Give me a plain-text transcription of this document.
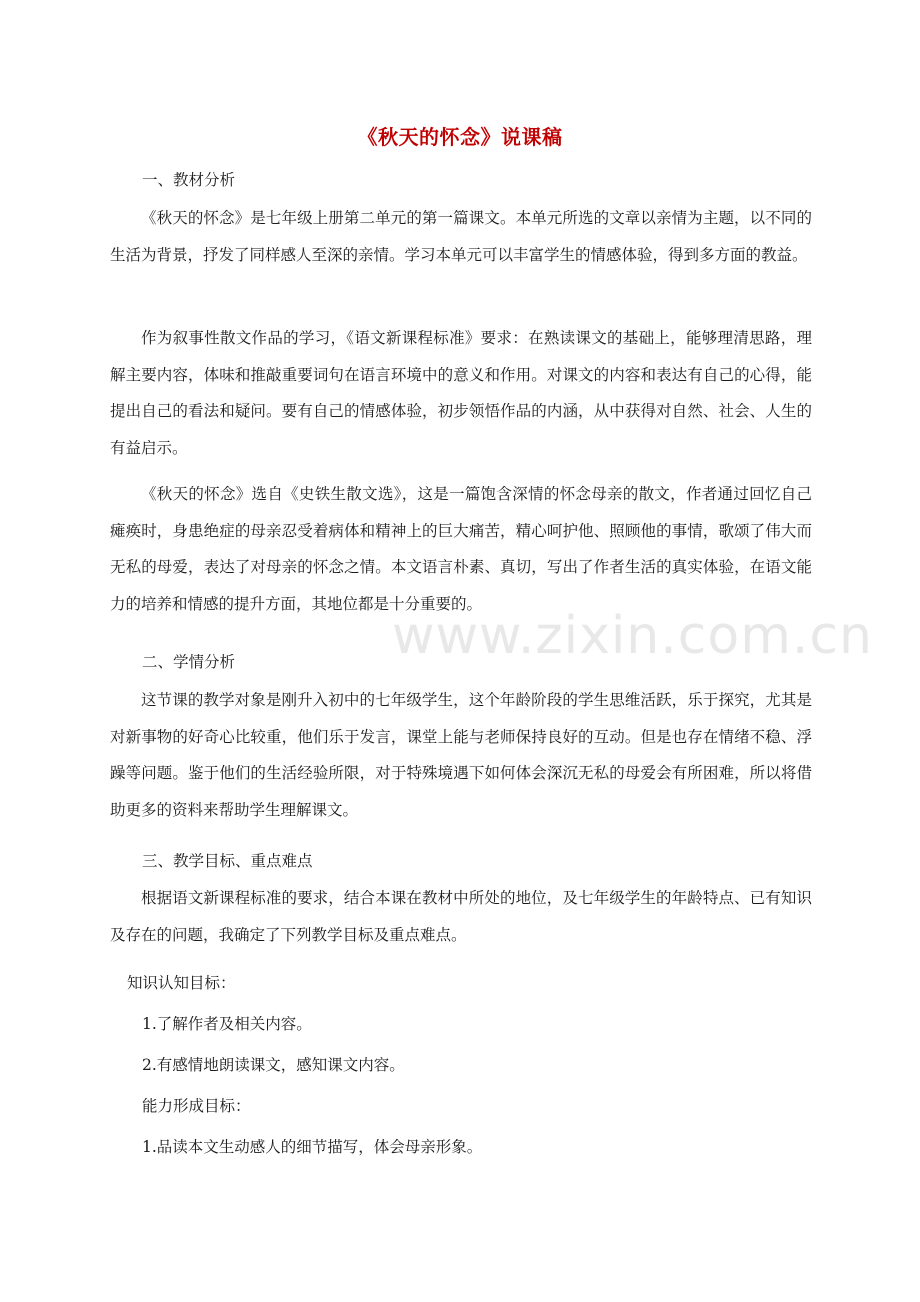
www.zixin.com.cn
《秋天的怀念》说课稿

一、教材分析

《秋天的怀念》是七年级上册第二单元的第一篇课文。本单元所选的文章以亲情为主题，以不同的生活为背景，抒发了同样感人至深的亲情。学习本单元可以丰富学生的情感体验，得到多方面的教益。

作为叙事性散文作品的学习，《语文新课程标准》要求：在熟读课文的基础上，能够理清思路，理解主要内容，体味和推敲重要词句在语言环境中的意义和作用。对课文的内容和表达有自己的心得，能提出自己的看法和疑问。要有自己的情感体验，初步领悟作品的内涵，从中获得对自然、社会、人生的有益启示。

《秋天的怀念》选自《史铁生散文选》，这是一篇饱含深情的怀念母亲的散文，作者通过回忆自己瘫痪时，身患绝症的母亲忍受着病体和精神上的巨大痛苦，精心呵护他、照顾他的事情，歌颂了伟大而无私的母爱，表达了对母亲的怀念之情。本文语言朴素、真切，写出了作者生活的真实体验，在语文能力的培养和情感的提升方面，其地位都是十分重要的。

二、学情分析

这节课的教学对象是刚升入初中的七年级学生，这个年龄阶段的学生思维活跃，乐于探究，尤其是对新事物的好奇心比较重，他们乐于发言，课堂上能与老师保持良好的互动。但是也存在情绪不稳、浮躁等问题。鉴于他们的生活经验所限，对于特殊境遇下如何体会深沉无私的母爱会有所困难，所以将借助更多的资料来帮助学生理解课文。

三、教学目标、重点难点

根据语文新课程标准的要求，结合本课在教材中所处的地位，及七年级学生的年龄特点、已有知识及存在的问题，我确定了下列教学目标及重点难点。

知识认知目标：

1.了解作者及相关内容。

2.有感情地朗读课文，感知课文内容。

能力形成目标：

1.品读本文生动感人的细节描写，体会母亲形象。
